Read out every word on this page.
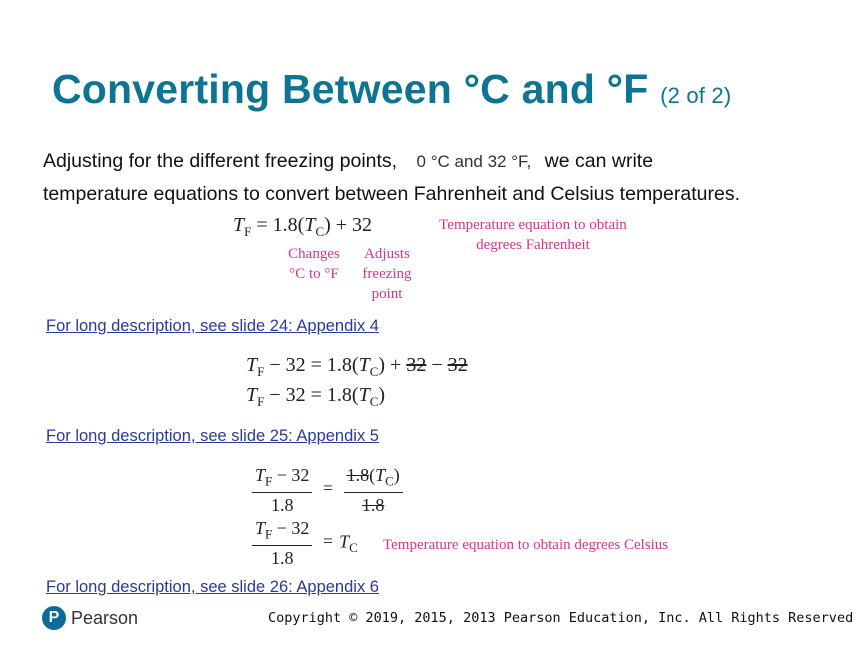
Converting Between °C and °F (2 of 2)
Adjusting for the different freezing points, 0 °C and 32 °F, we can write
temperature equations to convert between Fahrenheit and Celsius temperatures.
$T_F = 1.8(T_C) + 32$	Temperature equation to obtain degrees Fahrenheit
Changes °C to °F
Adjusts freezing point
For long description, see slide 24: Appendix 4
$T_F - 32 = 1.8(T_C) + 32 - 32$
$T_F - 32 = 1.8(T_C)$
For long description, see slide 25: Appendix 5
$\frac{T_F - 32}{1.8} = \frac{1.8(T_C)}{1.8}$
$\frac{T_F - 32}{1.8} = T_C$ Temperature equation to obtain degrees Celsius
For long description, see slide 26: Appendix 6
P Pearson	Copyright © 2019, 2015, 2013 Pearson Education, Inc. All Rights Reserved
